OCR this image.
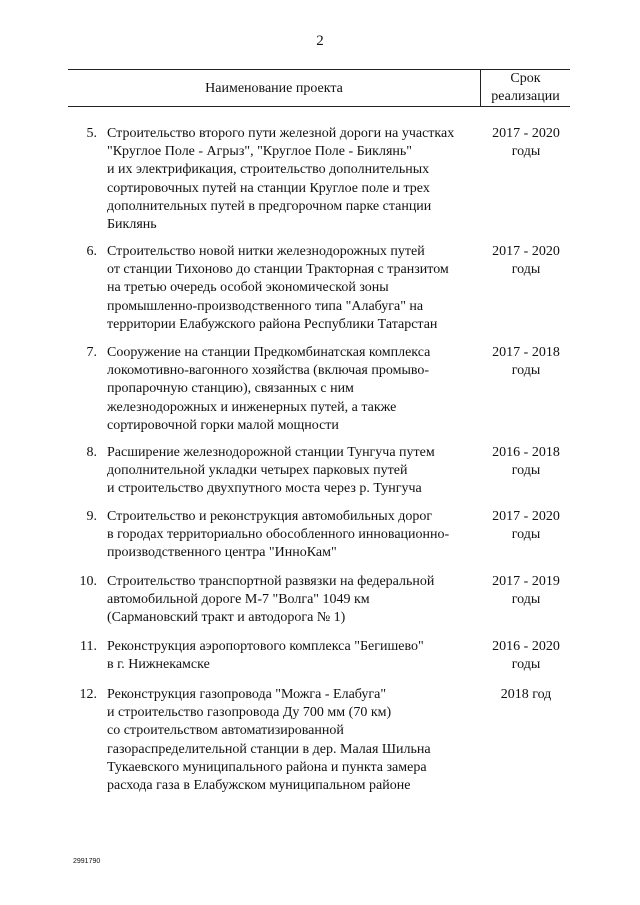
2
Наименование проекта
Срок
реализации
5. Строительство второго пути железной дороги на участках
"Круглое Поле - Агрыз", "Круглое Поле - Биклянь"
и их электрификация, строительство дополнительных
сортировочных путей на станции Круглое поле и трех
дополнительных путей в предгорочном парке станции
Биклянь
2017 - 2020
годы
6. Строительство новой нитки железнодорожных путей
от станции Тихоново до станции Тракторная с транзитом
на третью очередь особой экономической зоны
промышленно-производственного типа "Алабуга" на
территории Елабужского района Республики Татарстан
2017 - 2020
годы
7. Сооружение на станции Предкомбинатская комплекса
локомотивно-вагонного хозяйства (включая промыво-
пропарочную станцию), связанных с ним
железнодорожных и инженерных путей, а также
сортировочной горки малой мощности
2017 - 2018
годы
8. Расширение железнодорожной станции Тунгуча путем
дополнительной укладки четырех парковых путей
и строительство двухпутного моста через р. Тунгуча
2016 - 2018
годы
9. Строительство и реконструкция автомобильных дорог
в городах территориально обособленного инновационно-
производственного центра "ИнноКам"
2017 - 2020
годы
10. Строительство транспортной развязки на федеральной
автомобильной дороге М-7 "Волга" 1049 км
(Сармановский тракт и автодорога № 1)
2017 - 2019
годы
11. Реконструкция аэропортового комплекса "Бегишево"
в г. Нижнекамске
2016 - 2020
годы
12. Реконструкция газопровода "Можга - Елабуга"
и строительство газопровода Ду 700 мм (70 км)
со строительством автоматизированной
газораспределительной станции в дер. Малая Шильна
Тукаевского муниципального района и пункта замера
расхода газа в Елабужском муниципальном районе
2018 год
2991790
